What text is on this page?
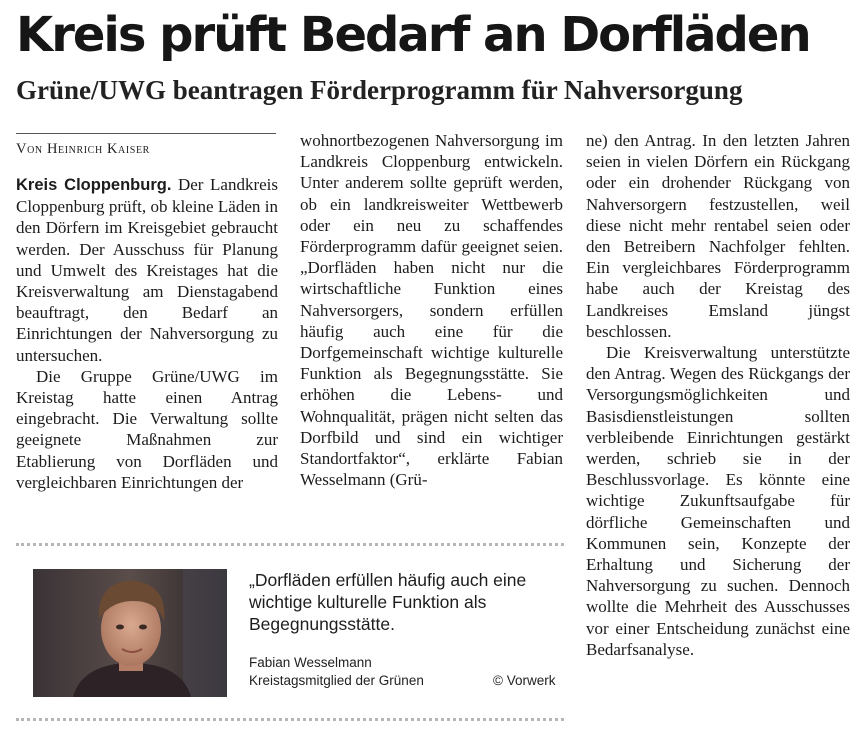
Kreis prüft Bedarf an Dorfläden
Grüne/UWG beantragen Förderprogramm für Nahversorgung
Von Heinrich Kaiser

Kreis Cloppenburg. Der Landkreis Cloppenburg prüft, ob kleine Läden in den Dörfern im Kreisgebiet gebraucht werden. Der Ausschuss für Planung und Umwelt des Kreistages hat die Kreisverwaltung am Dienstagabend beauftragt, den Bedarf an Einrichtungen der Nahversorgung zu untersuchen.

Die Gruppe Grüne/UWG im Kreistag hatte einen Antrag eingebracht. Die Verwaltung sollte geeignete Maßnahmen zur Etablierung von Dorfläden und vergleichbaren Einrichtungen der

wohnortbezogenen Nahversorgung im Landkreis Cloppenburg entwickeln. Unter anderem sollte geprüft werden, ob ein landkreisweiter Wettbewerb oder ein neu zu schaffendes Förderprogramm dafür geeignet seien. „Dorfläden haben nicht nur die wirtschaftliche Funktion eines Nahversorgers, sondern erfüllen häufig auch eine für die Dorfgemeinschaft wichtige kulturelle Funktion als Begegnungsstätte. Sie erhöhen die Lebens- und Wohnqualität, prägen nicht selten das Dorfbild und sind ein wichtiger Standortfaktor“, erklärte Fabian Wesselmann (Grü-

ne) den Antrag. In den letzten Jahren seien in vielen Dörfern ein Rückgang oder ein drohender Rückgang von Nahversorgern festzustellen, weil diese nicht mehr rentabel seien oder den Betreibern Nachfolger fehlten. Ein vergleichbares Förderprogramm habe auch der Kreistag des Landkreises Emsland jüngst beschlossen.

Die Kreisverwaltung unterstützte den Antrag. Wegen des Rückgangs der Versorgungsmöglichkeiten und Basisdienstleistungen sollten verbleibende Einrichtungen gestärkt werden, schrieb sie in der Beschlussvorlage. Es könnte eine wichtige Zukunftsaufgabe für dörfliche Gemeinschaften und Kommunen sein, Konzepte der Erhaltung und Sicherung der Nahversorgung zu suchen. Dennoch wollte die Mehrheit des Ausschusses vor einer Entscheidung zunächst eine Bedarfsanalyse.

„Dorfläden erfüllen häufig auch eine wichtige kulturelle Funktion als Begegnungsstätte.
Fabian Wesselmann
Kreistagsmitglied der Grünen	© Vorwerk
